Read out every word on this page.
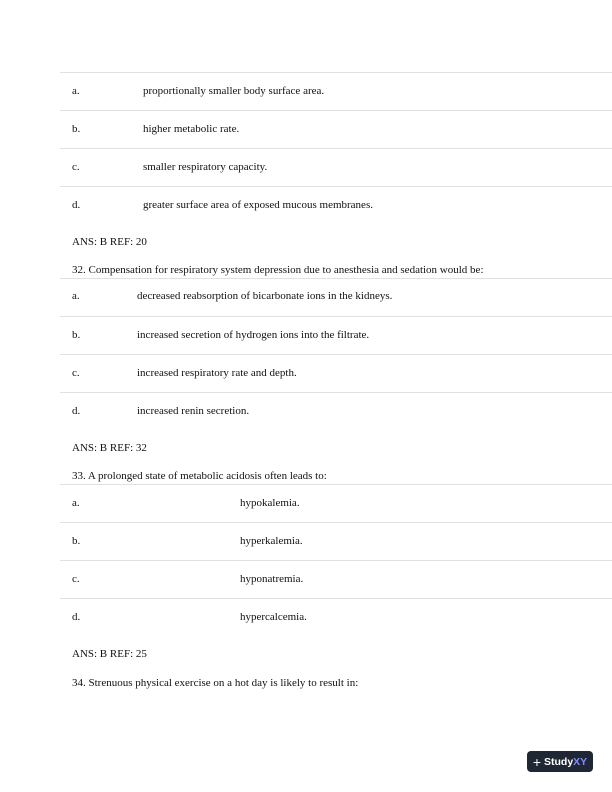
a.	proportionally smaller body surface area.
b.	higher metabolic rate.
c.	smaller respiratory capacity.
d.	greater surface area of exposed mucous membranes.
ANS: B REF: 20
32. Compensation for respiratory system depression due to anesthesia and sedation would be:
a.	decreased reabsorption of bicarbonate ions in the kidneys.
b.	increased secretion of hydrogen ions into the filtrate.
c.	increased respiratory rate and depth.
d.	increased renin secretion.
ANS: B REF: 32
33. A prolonged state of metabolic acidosis often leads to:
a.	hypokalemia.
b.	hyperkalemia.
c.	hyponatremia.
d.	hypercalcemia.
ANS: B REF: 25
34. Strenuous physical exercise on a hot day is likely to result in:
+ StudyXY
